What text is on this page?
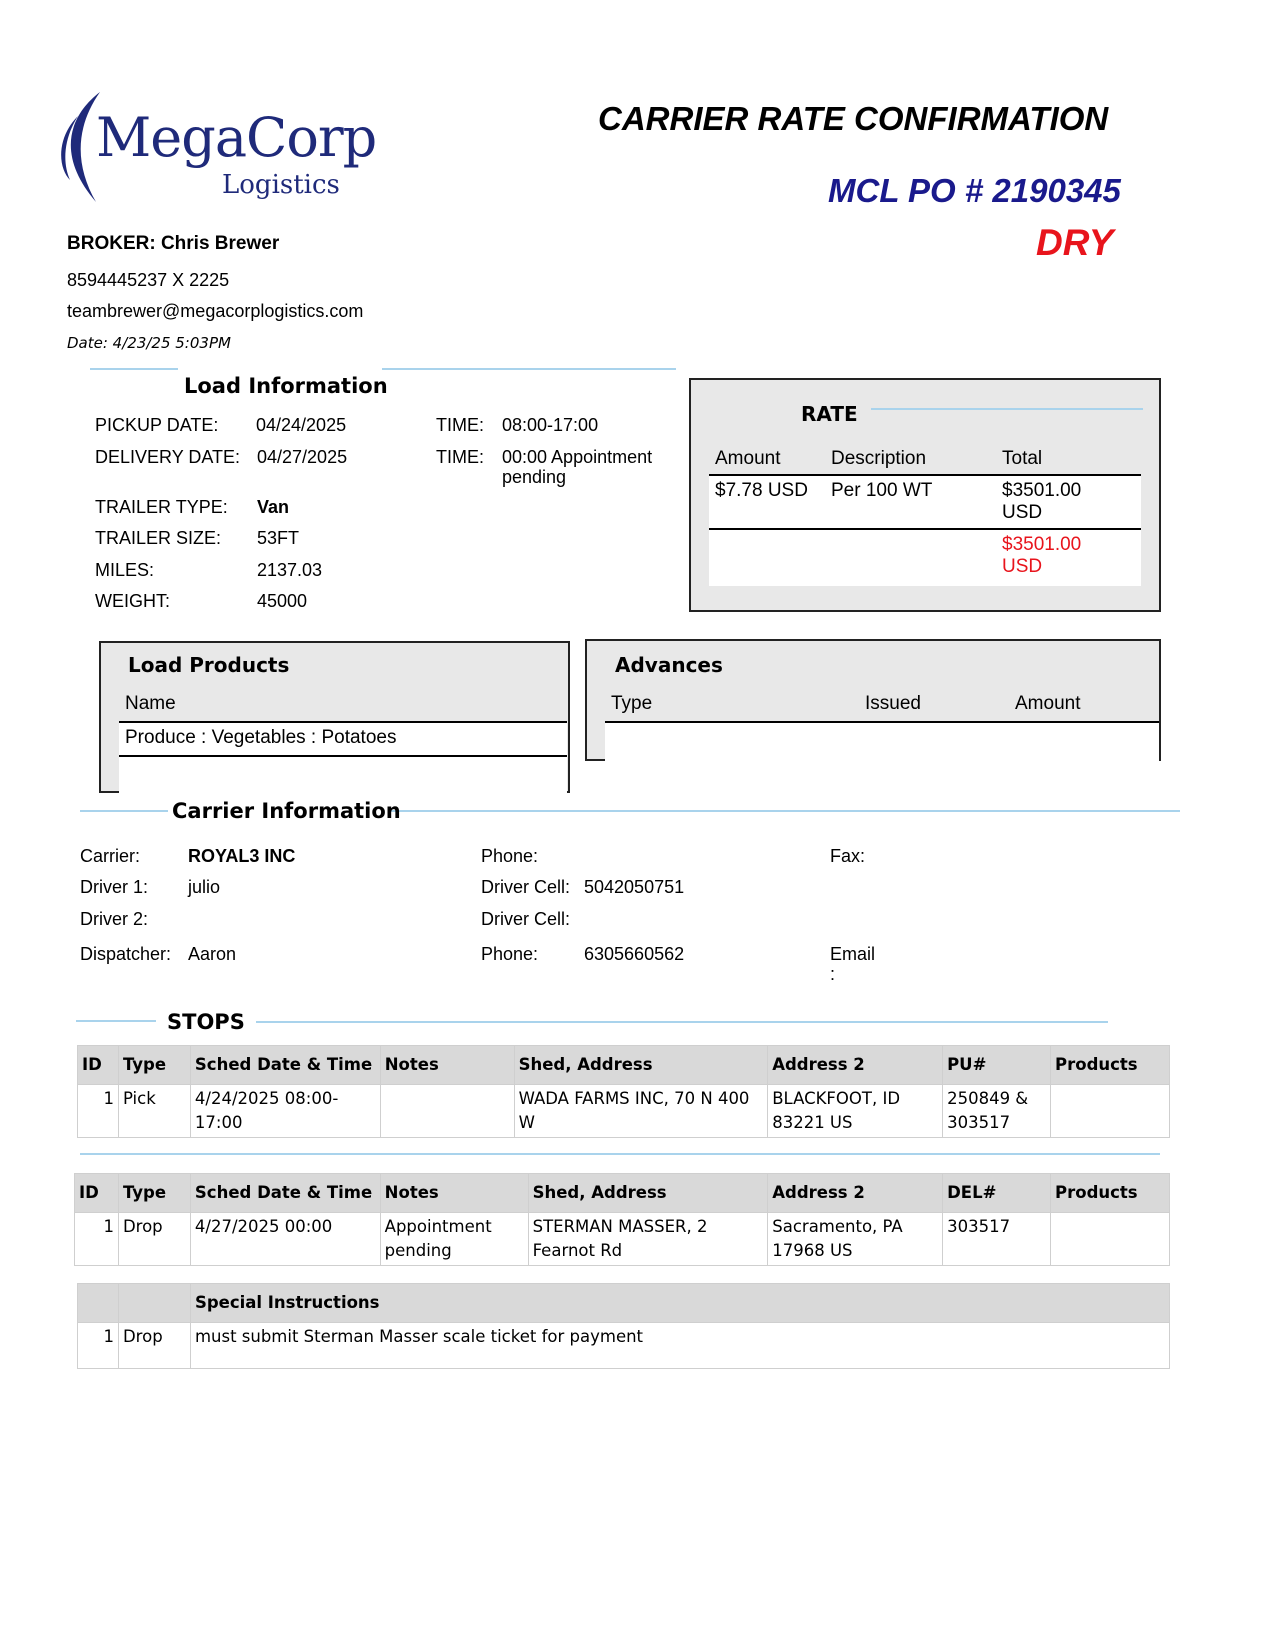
MegaCorp
Logistics
CARRIER RATE CONFIRMATION
MCL PO # 2190345
DRY
BROKER: Chris Brewer
8594445237 X 2225
teambrewer@megacorplogistics.com
Date: 4/23/25 5:03PM
Load Information
PICKUP DATE: 04/24/2025	TIME: 08:00-17:00
DELIVERY DATE: 04/27/2025	TIME: 00:00 Appointment pending
TRAILER TYPE: Van
TRAILER SIZE: 53FT
MILES:	2137.03
WEIGHT:	45000
RATE
Amount	Description	Total
$7.78 USD Per 100 WT	$3501.00 USD
$3501.00 USD
Load Products
Name
Produce : Vegetables : Potatoes
Advances
Type	Issued	Amount
Carrier Information
Carrier:	ROYAL3 INC
Driver 1: julio
Driver 2:
Dispatcher: Aaron
Phone:
Driver Cell: 5042050751
Driver Cell:
Phone:	6305660562
Fax:
Email :
STOPS
ID	Type	Sched Date & Time	Notes	Shed, Address	Address 2	PU#	Products
1	Pick	4/24/2025 08:00-17:00		WADA FARMS INC, 70 N 400 W	BLACKFOOT, ID 83221 US	250849 & 303517	
ID	Type	Sched Date & Time	Notes	Shed, Address	Address 2	DEL#	Products
1	Drop	4/27/2025 00:00	Appointment pending	STERMAN MASSER, 2 Fearnot Rd	Sacramento, PA 17968 US	303517	
		Special Instructions
1	Drop	must submit Sterman Masser scale ticket for payment
